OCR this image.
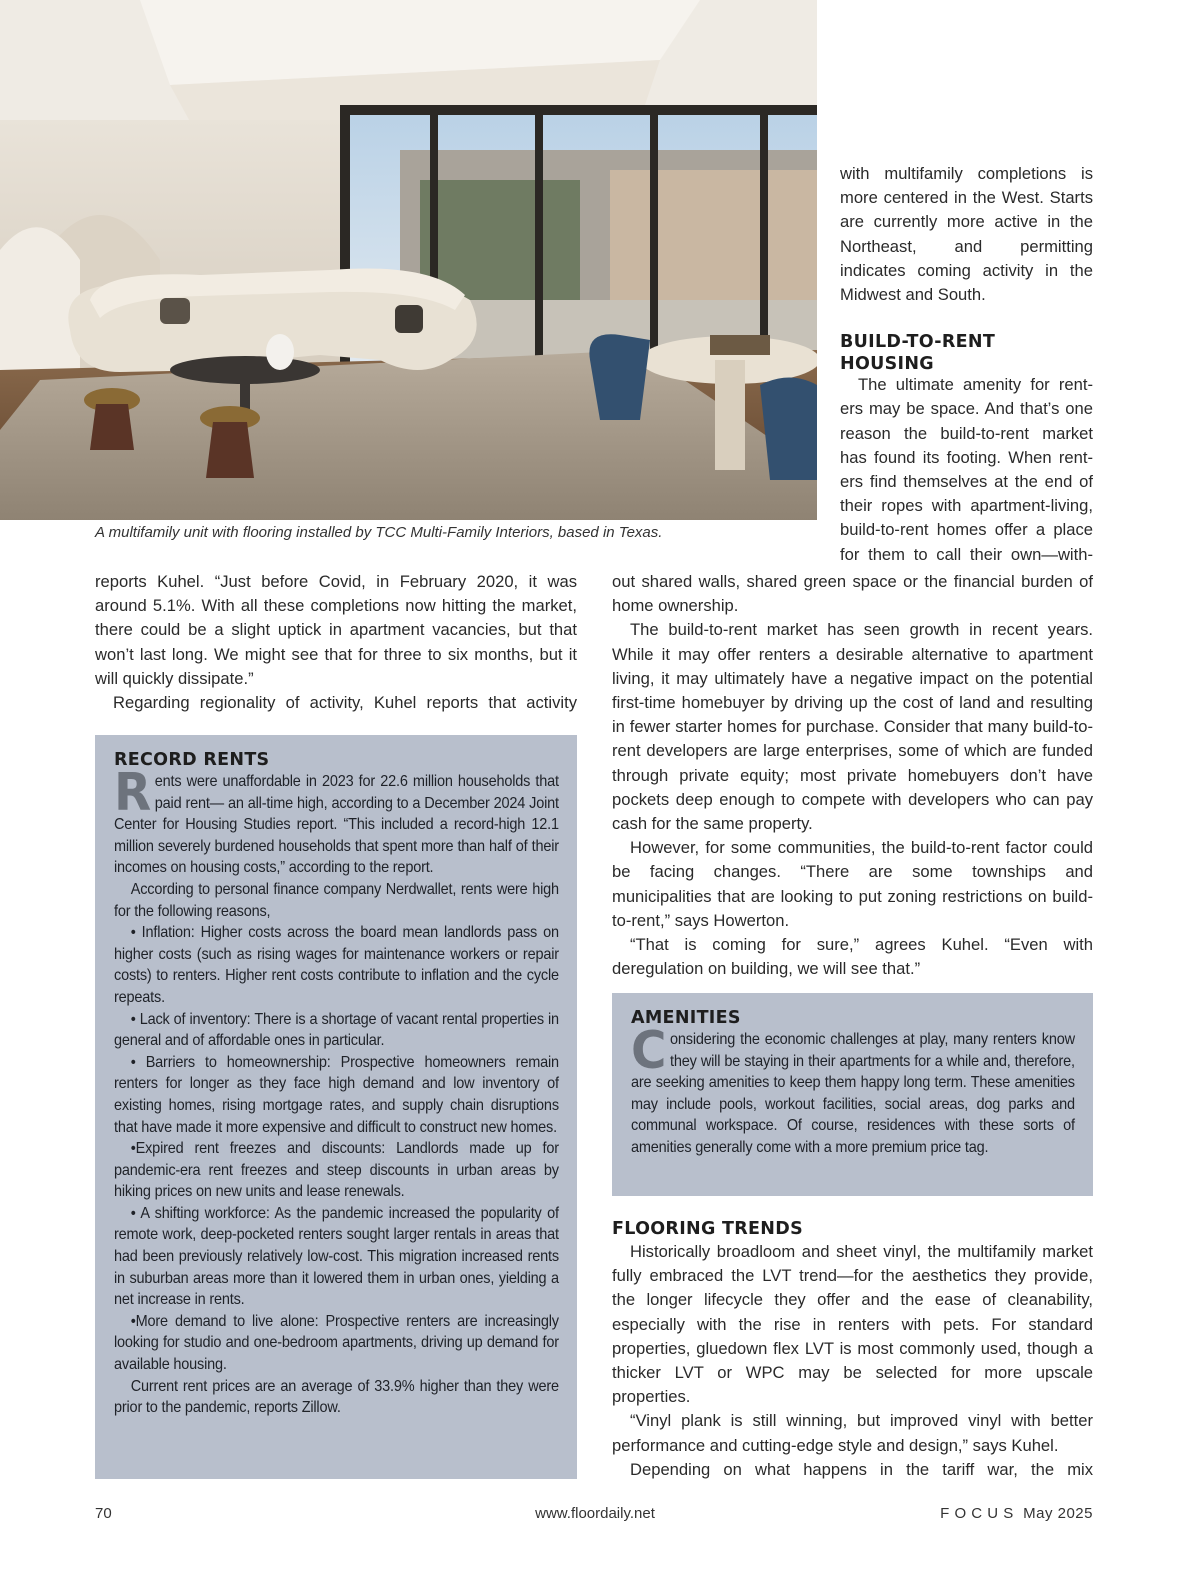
A multifamily unit with flooring installed by TCC Multi-Family Interiors, based in Texas.

with multifamily completions is more centered in the West. Starts are currently more active in the Northeast, and permitting indicates coming activity in the Midwest and South.

BUILD-TO-RENT
HOUSING
The ultimate amenity for rent-
ers may be space. And that’s one
reason the build-to-rent market
has found its footing. When rent-
ers find themselves at the end of
their ropes with apartment-living,
build-to-rent homes offer a place
for them to call their own—with-

reports Kuhel. “Just before Covid, in February 2020, it was around 5.1%. With all these completions now hitting the market, there could be a slight uptick in apartment vacancies, but that won’t last long. We might see that for three to six months, but it will quickly dissipate.”

Regarding regionality of activity, Kuhel reports that activity

out shared walls, shared green space or the financial burden of home ownership.

The build-to-rent market has seen growth in recent years. While it may offer renters a desirable alternative to apartment living, it may ultimately have a negative impact on the potential first-time homebuyer by driving up the cost of land and resulting in fewer starter homes for purchase. Consider that many build-to-rent developers are large enterprises, some of which are funded through private equity; most private homebuyers don’t have pockets deep enough to compete with developers who can pay cash for the same property.

However, for some communities, the build-to-rent factor could be facing changes. “There are some townships and municipalities that are looking to put zoning restrictions on build-to-rent,” says Howerton.

“That is coming for sure,” agrees Kuhel. “Even with deregulation on building, we will see that.”

RECORD RENTS

Rents were unaffordable in 2023 for 22.6 million households that paid rent— an all-time high, according to a December 2024 Joint Center for Housing Studies report. “This included a record-high 12.1 million severely burdened households that spent more than half of their incomes on housing costs,” according to the report.

According to personal finance company Nerdwallet, rents were high for the following reasons,

• Inflation: Higher costs across the board mean landlords pass on higher costs (such as rising wages for maintenance workers or repair costs) to renters. Higher rent costs contribute to inflation and the cycle repeats.

• Lack of inventory: There is a shortage of vacant rental properties in general and of affordable ones in particular.

• Barriers to homeownership: Prospective homeowners remain renters for longer as they face high demand and low inventory of existing homes, rising mortgage rates, and supply chain disruptions that have made it more expensive and difficult to construct new homes.

•Expired rent freezes and discounts: Landlords made up for pandemic-era rent freezes and steep discounts in urban areas by hiking prices on new units and lease renewals.

• A shifting workforce: As the pandemic increased the popularity of remote work, deep-pocketed renters sought larger rentals in areas that had been previously relatively low-cost. This migration increased rents in suburban areas more than it lowered them in urban ones, yielding a net increase in rents.

•More demand to live alone: Prospective renters are increasingly looking for studio and one-bedroom apartments, driving up demand for available housing.

Current rent prices are an average of 33.9% higher than they were prior to the pandemic, reports Zillow.

AMENITIES

Considering the economic challenges at play, many renters know they will be staying in their apartments for a while and, therefore, are seeking amenities to keep them happy long term. These amenities may include pools, workout facilities, social areas, dog parks and communal workspace. Of course, residences with these sorts of amenities generally come with a more premium price tag.

FLOORING TRENDS

Historically broadloom and sheet vinyl, the multifamily market fully embraced the LVT trend—for the aesthetics they provide, the longer lifecycle they offer and the ease of cleanability, especially with the rise in renters with pets. For standard properties, gluedown flex LVT is most commonly used, though a thicker LVT or WPC may be selected for more upscale properties.

“Vinyl plank is still winning, but improved vinyl with better performance and cutting-edge style and design,” says Kuhel.

Depending on what happens in the tariff war, the mix

70	www.floordaily.net	F O C U S  May 2025
